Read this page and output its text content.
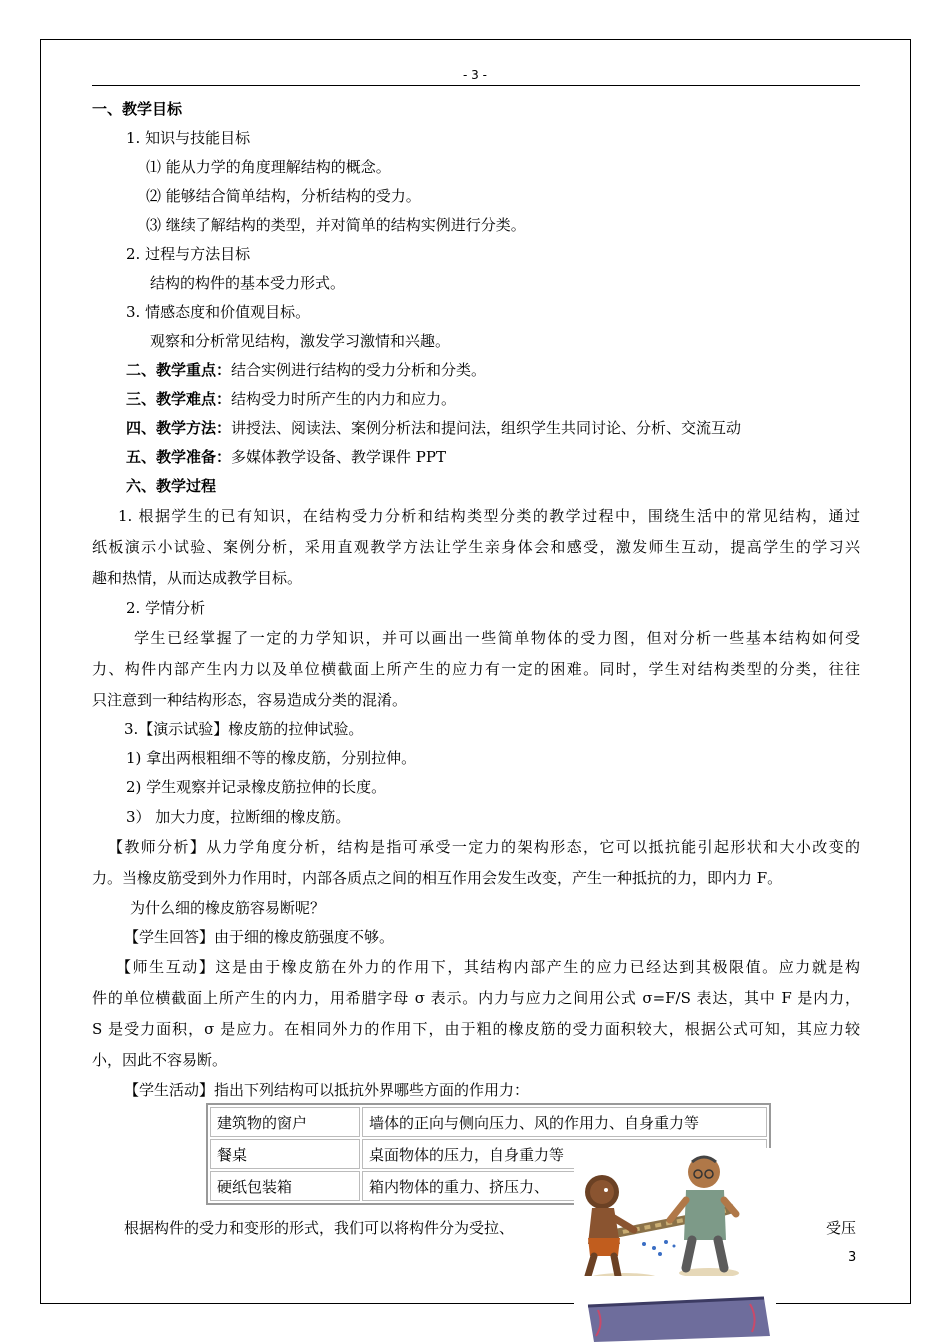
- 3 -
一、教学目标
1. 知识与技能目标
⑴ 能从力学的角度理解结构的概念。
⑵ 能够结合简单结构，分析结构的受力。
⑶ 继续了解结构的类型，并对简单的结构实例进行分类。
2. 过程与方法目标
结构的构件的基本受力形式。
3. 情感态度和价值观目标。
观察和分析常见结构，激发学习激情和兴趣。
二、教学重点：结合实例进行结构的受力分析和分类。
三、教学难点：结构受力时所产生的内力和应力。
四、教学方法：讲授法、阅读法、案例分析法和提问法，组织学生共同讨论、分析、交流互动
五、教学准备：多媒体教学设备、教学课件 PPT
六、教学过程
1. 根据学生的已有知识，在结构受力分析和结构类型分类的教学过程中，围绕生活中的常见结构，通过
纸板演示小试验、案例分析，采用直观教学方法让学生亲身体会和感受，激发师生互动，提高学生的学习兴
趣和热情，从而达成教学目标。
2. 学情分析
学生已经掌握了一定的力学知识，并可以画出一些简单物体的受力图，但对分析一些基本结构如何受
力、构件内部产生内力以及单位横截面上所产生的应力有一定的困难。同时，学生对结构类型的分类，往往
只注意到一种结构形态，容易造成分类的混淆。
3.【演示试验】橡皮筋的拉伸试验。
1) 拿出两根粗细不等的橡皮筋，分别拉伸。
2) 学生观察并记录橡皮筋拉伸的长度。
3） 加大力度，拉断细的橡皮筋。
【教师分析】从力学角度分析，结构是指可承受一定力的架构形态，它可以抵抗能引起形状和大小改变的
力。当橡皮筋受到外力作用时，内部各质点之间的相互作用会发生改变，产生一种抵抗的力，即内力 F。
为什么细的橡皮筋容易断呢？
【学生回答】由于细的橡皮筋强度不够。
【师生互动】这是由于橡皮筋在外力的作用下，其结构内部产生的应力已经达到其极限值。应力就是构
件的单位横截面上所产生的内力，用希腊字母 σ 表示。内力与应力之间用公式 σ=F/S 表达，其中 F 是内力，
S 是受力面积，σ 是应力。在相同外力的作用下，由于粗的橡皮筋的受力面积较大，根据公式可知，其应力较
小，因此不容易断。
【学生活动】指出下列结构可以抵抗外界哪些方面的作用力：
建筑物的窗户	墙体的正向与侧向压力、风的作用力、自身重力等
餐桌	桌面物体的压力，自身重力等
硬纸包装箱	箱内物体的重力、挤压力、
根据构件的受力和变形的形式，我们可以将构件分为受拉、	受压
3
